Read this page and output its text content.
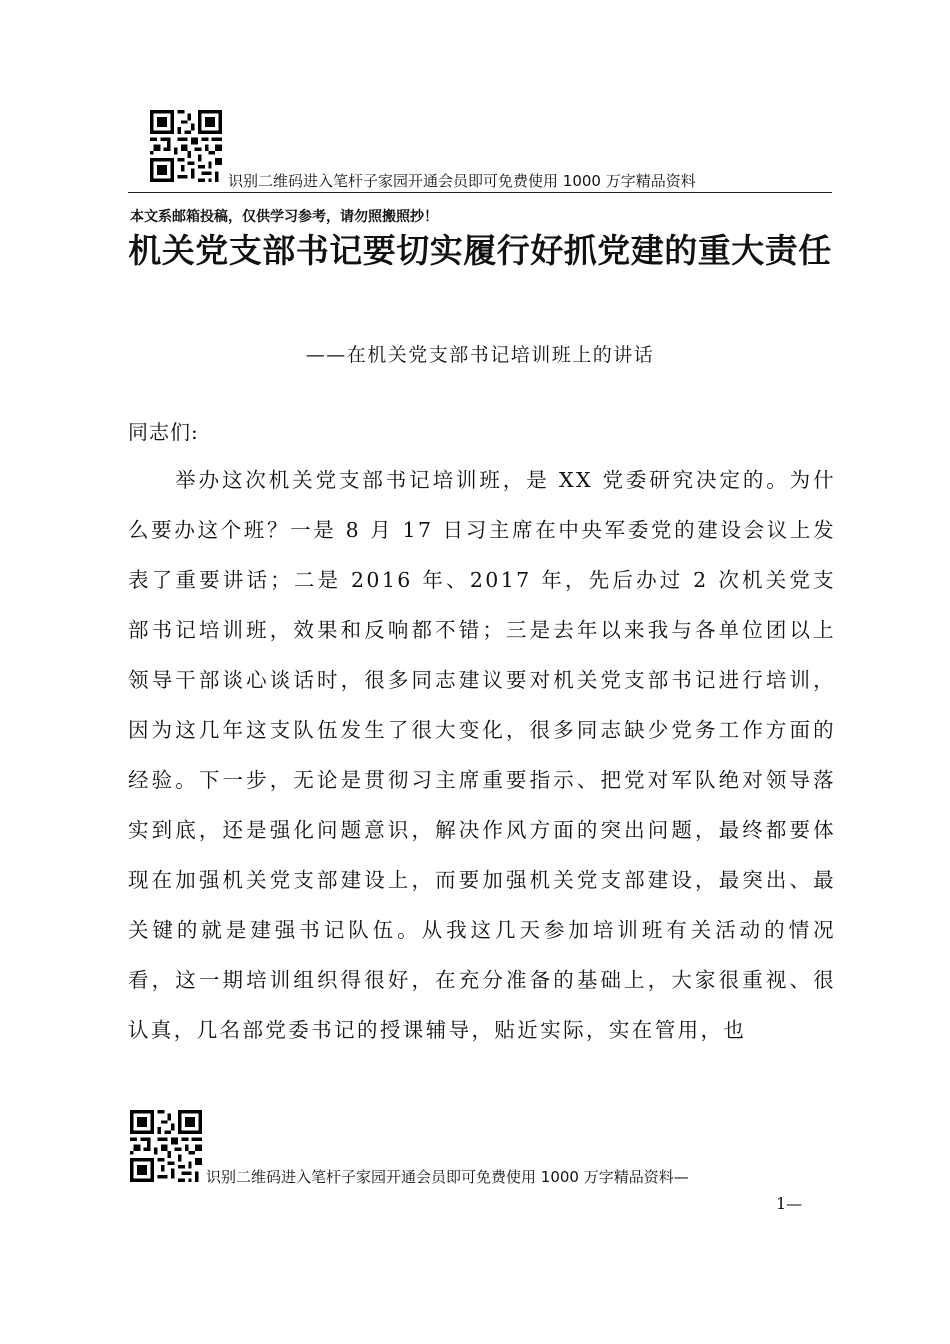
识别二维码进入笔杆子家园开通会员即可免费使用 1000 万字精品资料
本文系邮箱投稿，仅供学习参考，请勿照搬照抄！
机关党支部书记要切实履行好抓党建的重大责任
——在机关党支部书记培训班上的讲话
同志们:

举办这次机关党支部书记培训班，是 XX 党委研究决定的。为什么要办这个班？一是 8 月 17 日习主席在中央军委党的建设会议上发表了重要讲话；二是 2016 年、2017 年，先后办过 2 次机关党支部书记培训班，效果和反响都不错；三是去年以来我与各单位团以上领导干部谈心谈话时，很多同志建议要对机关党支部书记进行培训，因为这几年这支队伍发生了很大变化，很多同志缺少党务工作方面的经验。下一步，无论是贯彻习主席重要指示、把党对军队绝对领导落实到底，还是强化问题意识，解决作风方面的突出问题，最终都要体现在加强机关党支部建设上，而要加强机关党支部建设，最突出、最关键的就是建强书记队伍。从我这几天参加培训班有关活动的情况看，这一期培训组织得很好，在充分准备的基础上，大家很重视、很认真，几名部党委书记的授课辅导，贴近实际，实在管用，也

识别二维码进入笔杆子家园开通会员即可免费使用 1000 万字精品资料—
1—
